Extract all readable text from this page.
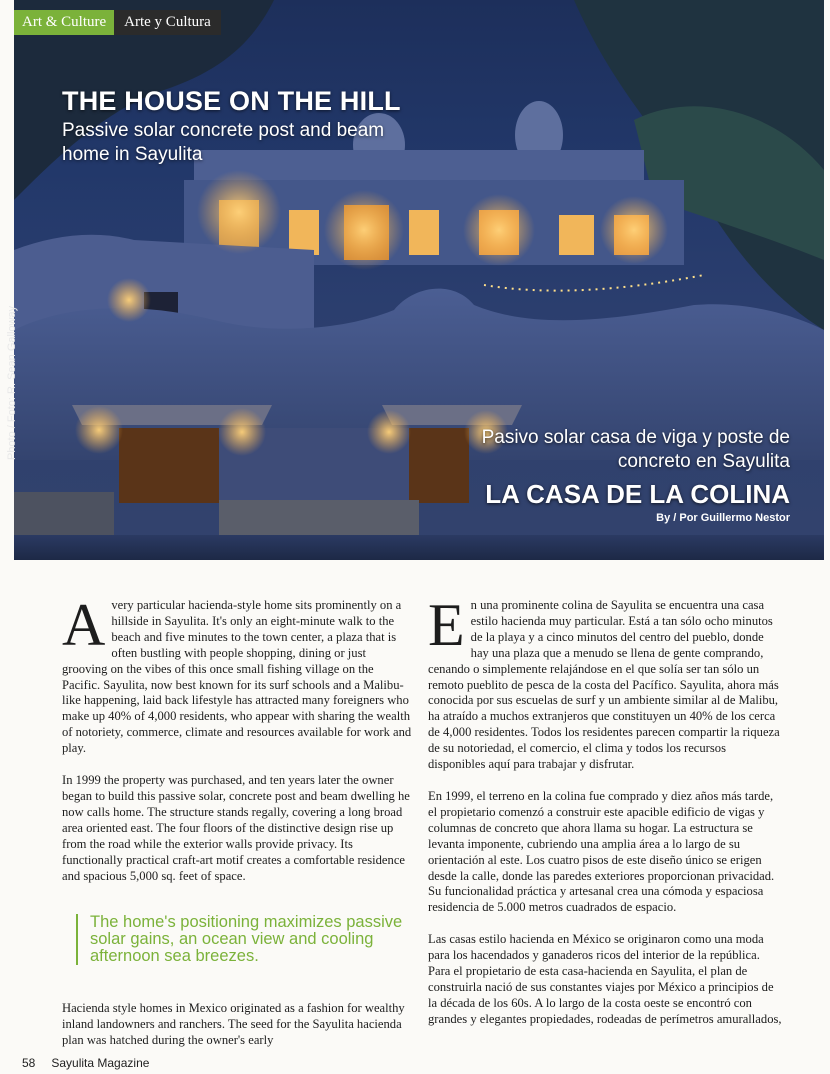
Art & Culture	Arte y Cultura
THE HOUSE ON THE HILL
Passive solar concrete post and beam home in Sayulita
Pasivo solar casa de viga y poste de concreto en Sayulita
LA CASA DE LA COLINA
By / Por Guillermo Nestor
Photo / Foto: R. Sean Galloway

Avery particular hacienda-style home sits prominently on a hillside in Sayulita. It's only an eight-minute walk to the beach and five minutes to the town center, a plaza that is often bustling with people shopping, dining or just grooving on the vibes of this once small fishing village on the Pacific. Sayulita, now best known for its surf schools and a Malibu-like happening, laid back lifestyle has attracted many foreigners who make up 40% of 4,000 residents, who appear with sharing the wealth of notoriety, commerce, climate and resources available for work and play.

In 1999 the property was purchased, and ten years later the owner began to build this passive solar, concrete post and beam dwelling he now calls home. The structure stands regally, covering a long broad area oriented east. The four floors of the distinctive design rise up from the road while the exterior walls provide privacy. Its functionally practical craft-art motif creates a comfortable residence and spacious 5,000 sq. feet of space.

The home's positioning maximizes passive solar gains, an ocean view and cooling afternoon sea breezes.

Hacienda style homes in Mexico originated as a fashion for wealthy inland landowners and ranchers. The seed for the Sayulita hacienda plan was hatched during the owner's early

En una prominente colina de Sayulita se encuentra una casa estilo hacienda muy particular. Está a tan sólo ocho minutos de la playa y a cinco minutos del centro del pueblo, donde hay una plaza que a menudo se llena de gente comprando, cenando o simplemente relajándose en el que solía ser tan sólo un remoto pueblito de pesca de la costa del Pacífico. Sayulita, ahora más conocida por sus escuelas de surf y un ambiente similar al de Malibu, ha atraído a muchos extranjeros que constituyen un 40% de los cerca de 4,000 residentes. Todos los residentes parecen compartir la riqueza de su notoriedad, el comercio, el clima y todos los recursos disponibles aquí para trabajar y disfrutar.

En 1999, el terreno en la colina fue comprado y diez años más tarde, el propietario comenzó a construir este apacible edificio de vigas y columnas de concreto que ahora llama su hogar. La estructura se levanta imponente, cubriendo una amplia área a lo largo de su orientación al este. Los cuatro pisos de este diseño único se erigen desde la calle, donde las paredes exteriores proporcionan privacidad. Su funcionalidad práctica y artesanal crea una cómoda y espaciosa residencia de 5.000 metros cuadrados de espacio.

Las casas estilo hacienda en México se originaron como una moda para los hacendados y ganaderos ricos del interior de la república. Para el propietario de esta casa-hacienda en Sayulita, el plan de construirla nació de sus constantes viajes por México a principios de la década de los 60s. A lo largo de la costa oeste se encontró con grandes y elegantes propiedades, rodeadas de perímetros amurallados,

58 Sayulita Magazine
